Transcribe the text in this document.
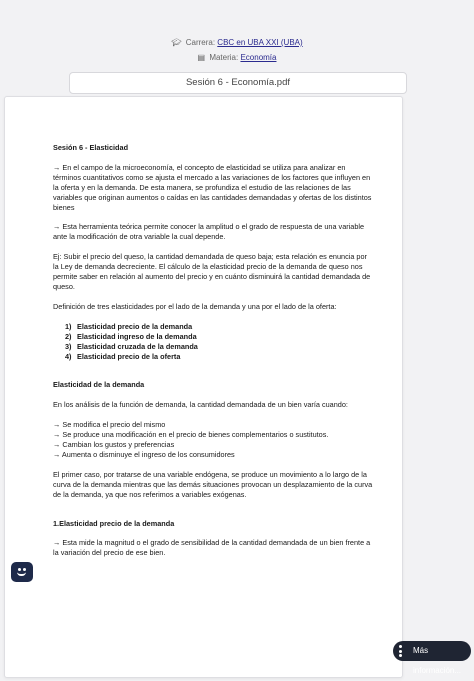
🎓︎ Carrera: CBC en UBA XXI (UBA)
▤ Materia: Economía
Sesión 6 - Economía.pdf

Sesión 6 - Elasticidad

→ En el campo de la microeconomía, el concepto de elasticidad se utiliza para analizar en términos cuantitativos como se ajusta el mercado a las variaciones de los factores que influyen en la oferta y en la demanda. De esta manera, se profundiza el estudio de las relaciones de las variables que originan aumentos o caídas en las cantidades demandadas y ofertas de los distintos bienes

→ Esta herramienta teórica permite conocer la amplitud o el grado de respuesta de una variable ante la modificación de otra variable la cual depende.

Ej: Subir el precio del queso, la cantidad demandada de queso baja; esta relación es enuncia por la Ley de demanda decreciente. El cálculo de la elasticidad precio de la demanda de queso nos permite saber en relación al aumento del precio y en cuánto disminuirá la cantidad demandada de queso.

Definición de tres elasticidades por el lado de la demanda y una por el lado de la oferta:

1) Elasticidad precio de la demanda
2) Elasticidad ingreso de la demanda
3) Elasticidad cruzada de la demanda
4) Elasticidad precio de la oferta

Elasticidad de la demanda

En los análisis de la función de demanda, la cantidad demandada de un bien varía cuando:

→ Se modifica el precio del mismo

→ Se produce una modificación en el precio de bienes complementarios o sustitutos.

→ Cambian los gustos y preferencias

→ Aumenta o disminuye el ingreso de los consumidores

El primer caso, por tratarse de una variable endógena, se produce un movimiento a lo largo de la curva de la demanda mientras que las demás situaciones provocan un desplazamiento de la curva de la demanda, ya que nos referimos a variables exógenas.

1.Elasticidad precio de la demanda

→ Esta mide la magnitud o el grado de sensibilidad de la cantidad demandada de un bien frente a la variación del precio de ese bien.

Más información...
